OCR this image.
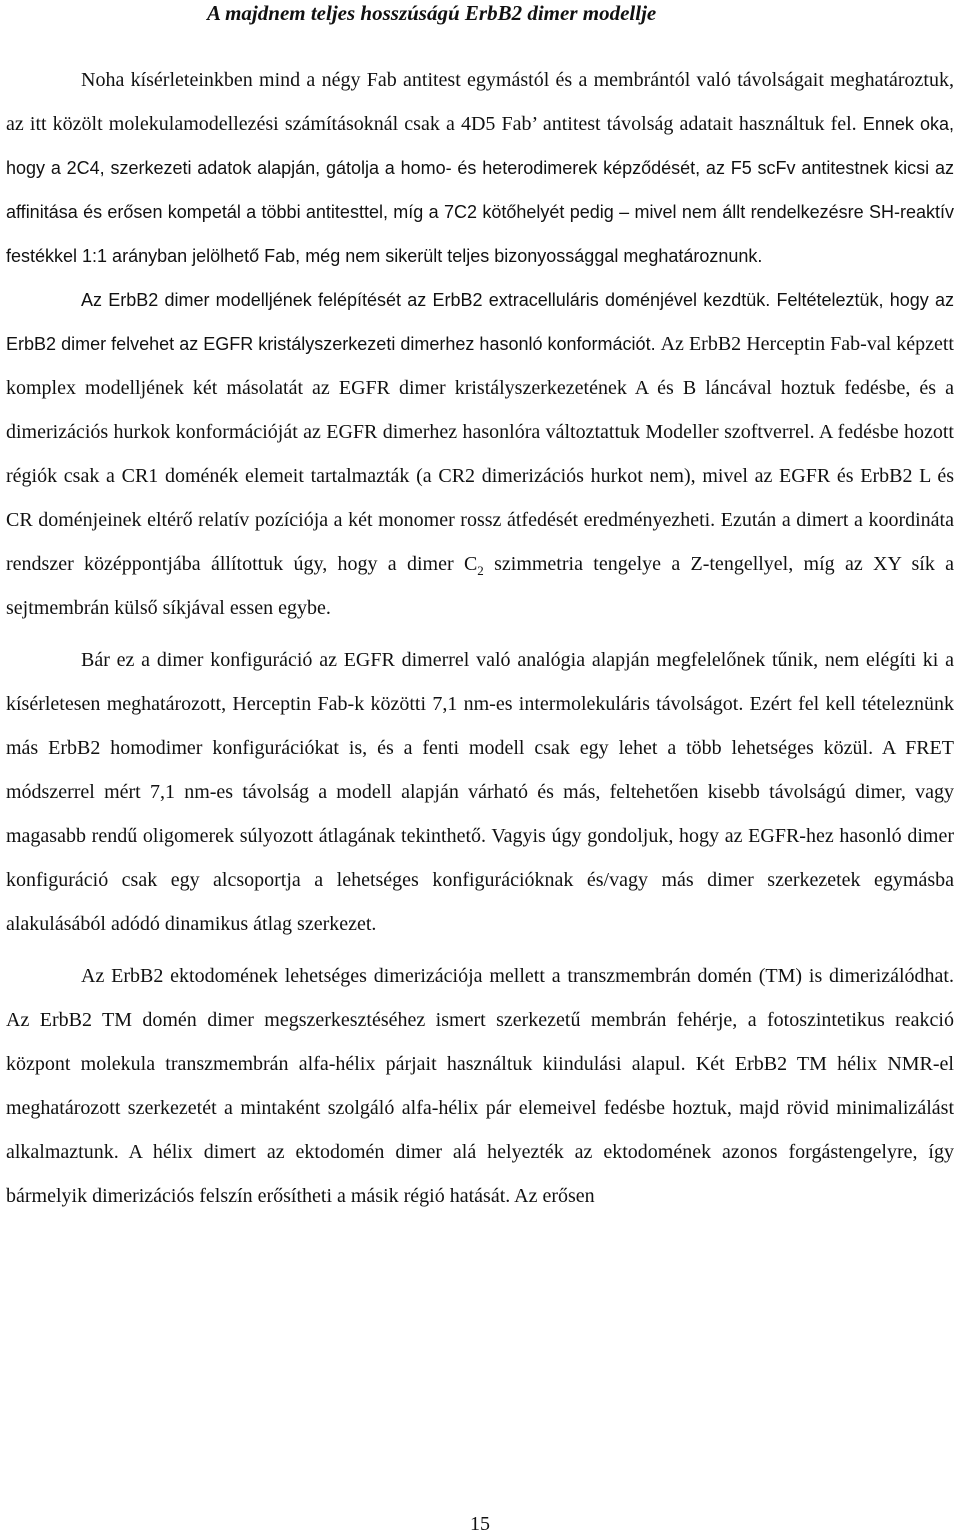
A majdnem teljes hosszúságú ErbB2 dimer modellje

Noha kísérleteinkben mind a négy Fab antitest egymástól és a membrántól való távolságait meghatároztuk, az itt közölt molekulamodellezési számításoknál csak a 4D5 Fab’ antitest távolság adatait használtuk fel. Ennek oka, hogy a 2C4, szerkezeti adatok alapján, gátolja a homo- és heterodimerek képződését, az F5 scFv antitestnek kicsi az affinitása és erősen kompetál a többi antitesttel, míg a 7C2 kötőhelyét pedig – mivel nem állt rendelkezésre SH-reaktív festékkel 1:1 arányban jelölhető Fab, még nem sikerült teljes bizonyossággal meghatároznunk.

Az ErbB2 dimer modelljének felépítését az ErbB2 extracelluláris doménjével kezdtük. Feltételeztük, hogy az ErbB2 dimer felvehet az EGFR kristályszerkezeti dimerhez hasonló konformációt. Az ErbB2 Herceptin Fab-val képzett komplex modelljének két másolatát az EGFR dimer kristályszerkezetének A és B láncával hoztuk fedésbe, és a dimerizációs hurkok konformációját az EGFR dimerhez hasonlóra változtattuk Modeller szoftverrel. A fedésbe hozott régiók csak a CR1 doménék elemeit tartalmazták (a CR2 dimerizációs hurkot nem), mivel az EGFR és ErbB2 L és CR doménjeinek eltérő relatív pozíciója a két monomer rossz átfedését eredményezheti. Ezután a dimert a koordináta rendszer középpontjába állítottuk úgy, hogy a dimer $C_2$ szimmetria tengelye a Z-tengellyel, míg az XY sík a sejtmembrán külső síkjával essen egybe.

Bár ez a dimer konfiguráció az EGFR dimerrel való analógia alapján megfelelőnek tűnik, nem elégíti ki a kísérletesen meghatározott, Herceptin Fab-k közötti 7,1 nm-es intermolekuláris távolságot. Ezért fel kell tételeznünk más ErbB2 homodimer konfigurációkat is, és a fenti modell csak egy lehet a több lehetséges közül. A FRET módszerrel mért 7,1 nm-es távolság a modell alapján várható és más, feltehetően kisebb távolságú dimer, vagy magasabb rendű oligomerek súlyozott átlagának tekinthető. Vagyis úgy gondoljuk, hogy az EGFR-hez hasonló dimer konfiguráció csak egy alcsoportja a lehetséges konfigurációknak és/vagy más dimer szerkezetek egymásba alakulásából adódó dinamikus átlag szerkezet.

Az ErbB2 ektodomének lehetséges dimerizációja mellett a transzmembrán domén (TM) is dimerizálódhat. Az ErbB2 TM domén dimer megszerkesztéséhez ismert szerkezetű membrán fehérje, a fotoszintetikus reakció központ molekula transzmembrán alfa-hélix párjait használtuk kiindulási alapul. Két ErbB2 TM hélix NMR-el meghatározott szerkezetét a mintaként szolgáló alfa-hélix pár elemeivel fedésbe hoztuk, majd rövid minimalizálást alkalmaztunk. A hélix dimert az ektodomén dimer alá helyezték az ektodomének azonos forgástengelyre, így bármelyik dimerizációs felszín erősítheti a másik régió hatását. Az erősen

15
